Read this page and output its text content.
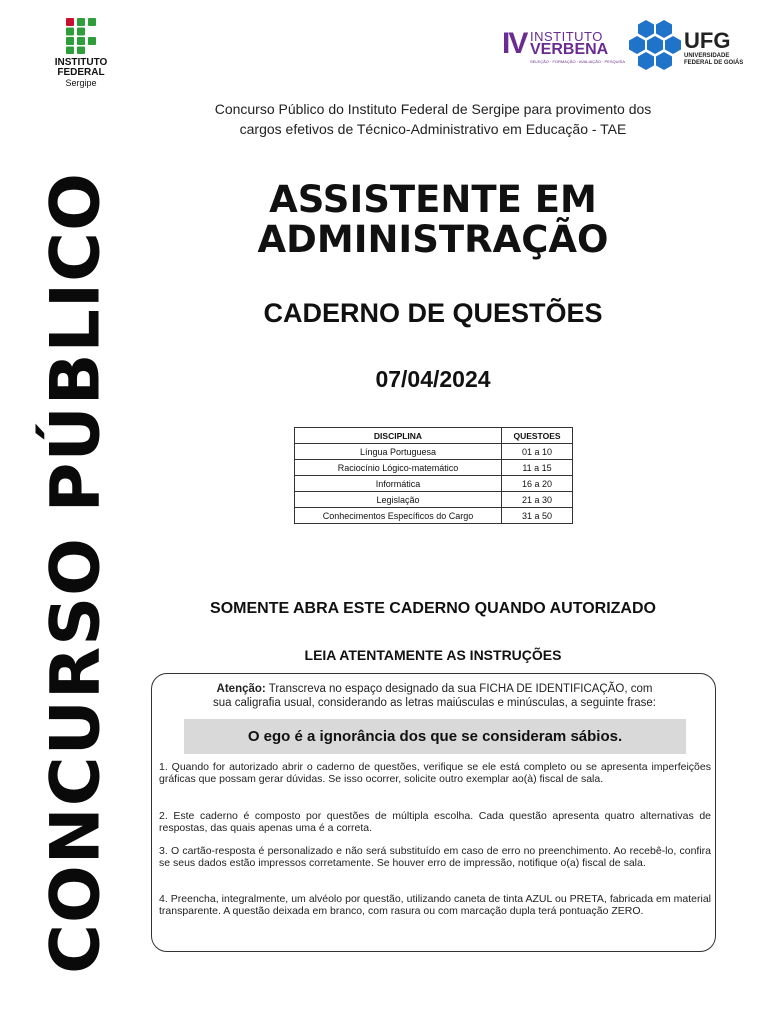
INSTITUTO
FEDERAL
Sergipe
IV INSTITUTO
VERBENA
SELEÇÃO · FORMAÇÃO · AVALIAÇÃO · PESQUISA
UFG
UNIVERSIDADE
FEDERAL DE GOIÁS
CONCURSO PÚBLICO
Concurso Público do Instituto Federal de Sergipe para provimento dos
cargos efetivos de Técnico-Administrativo em Educação - TAE
ASSISTENTE EM
ADMINISTRAÇÃO
CADERNO DE QUESTÕES
07/04/2024
DISCIPLINA	QUESTOES
Língua Portuguesa	01 a 10
Raciocínio Lógico-matemático	11 a 15
Informática	16 a 20
Legislação	21 a 30
Conhecimentos Específicos do Cargo	31 a 50
SOMENTE ABRA ESTE CADERNO QUANDO AUTORIZADO
LEIA ATENTAMENTE AS INSTRUÇÕES
Atenção: Transcreva no espaço designado da sua FICHA DE IDENTIFICAÇÃO, com
sua caligrafia usual, considerando as letras maiúsculas e minúsculas, a seguinte frase:
O ego é a ignorância dos que se consideram sábios.
1. Quando for autorizado abrir o caderno de questões, verifique se ele está completo ou se apresenta imperfeições gráficas que possam gerar dúvidas. Se isso ocorrer, solicite outro exemplar ao(à) fiscal de sala.
2. Este caderno é composto por questões de múltipla escolha. Cada questão apresenta quatro alternativas de respostas, das quais apenas uma é a correta.
3. O cartão-resposta é personalizado e não será substituído em caso de erro no preenchimento. Ao recebê-lo, confira se seus dados estão impressos corretamente. Se houver erro de impressão, notifique o(a) fiscal de sala.
4. Preencha, integralmente, um alvéolo por questão, utilizando caneta de tinta AZUL ou PRETA, fabricada em material transparente. A questão deixada em branco, com rasura ou com marcação dupla terá pontuação ZERO.
